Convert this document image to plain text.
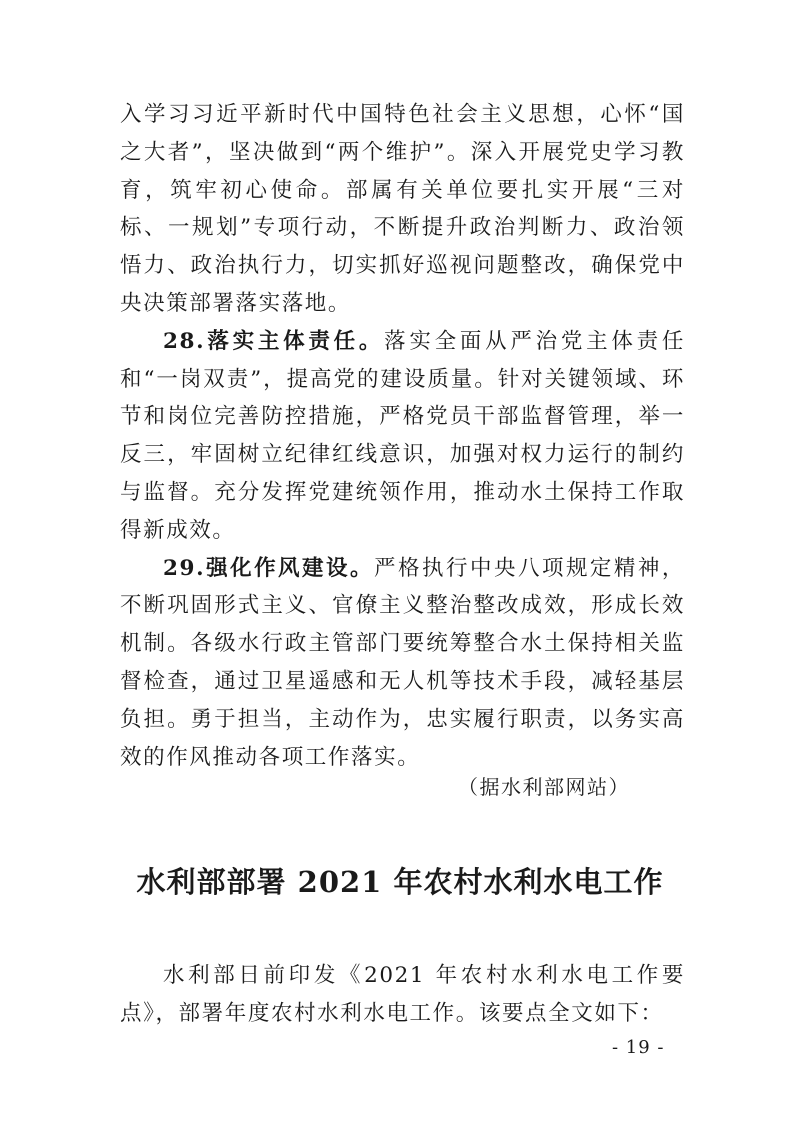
入学习习近平新时代中国特色社会主义思想，心怀“国之大者”，坚决做到“两个维护”。深入开展党史学习教育，筑牢初心使命。部属有关单位要扎实开展“三对标、一规划”专项行动，不断提升政治判断力、政治领悟力、政治执行力，切实抓好巡视问题整改，确保党中央决策部署落实落地。

28.落实主体责任。落实全面从严治党主体责任和“一岗双责”，提高党的建设质量。针对关键领域、环节和岗位完善防控措施，严格党员干部监督管理，举一反三，牢固树立纪律红线意识，加强对权力运行的制约与监督。充分发挥党建统领作用，推动水土保持工作取得新成效。

29.强化作风建设。严格执行中央八项规定精神，不断巩固形式主义、官僚主义整治整改成效，形成长效机制。各级水行政主管部门要统筹整合水土保持相关监督检查，通过卫星遥感和无人机等技术手段，减轻基层负担。勇于担当，主动作为，忠实履行职责，以务实高效的作风推动各项工作落实。

（据水利部网站）
水利部部署 2021 年农村水利水电工作

水利部日前印发《2021 年农村水利水电工作要点》，部署年度农村水利水电工作。该要点全文如下：

- 19 -
